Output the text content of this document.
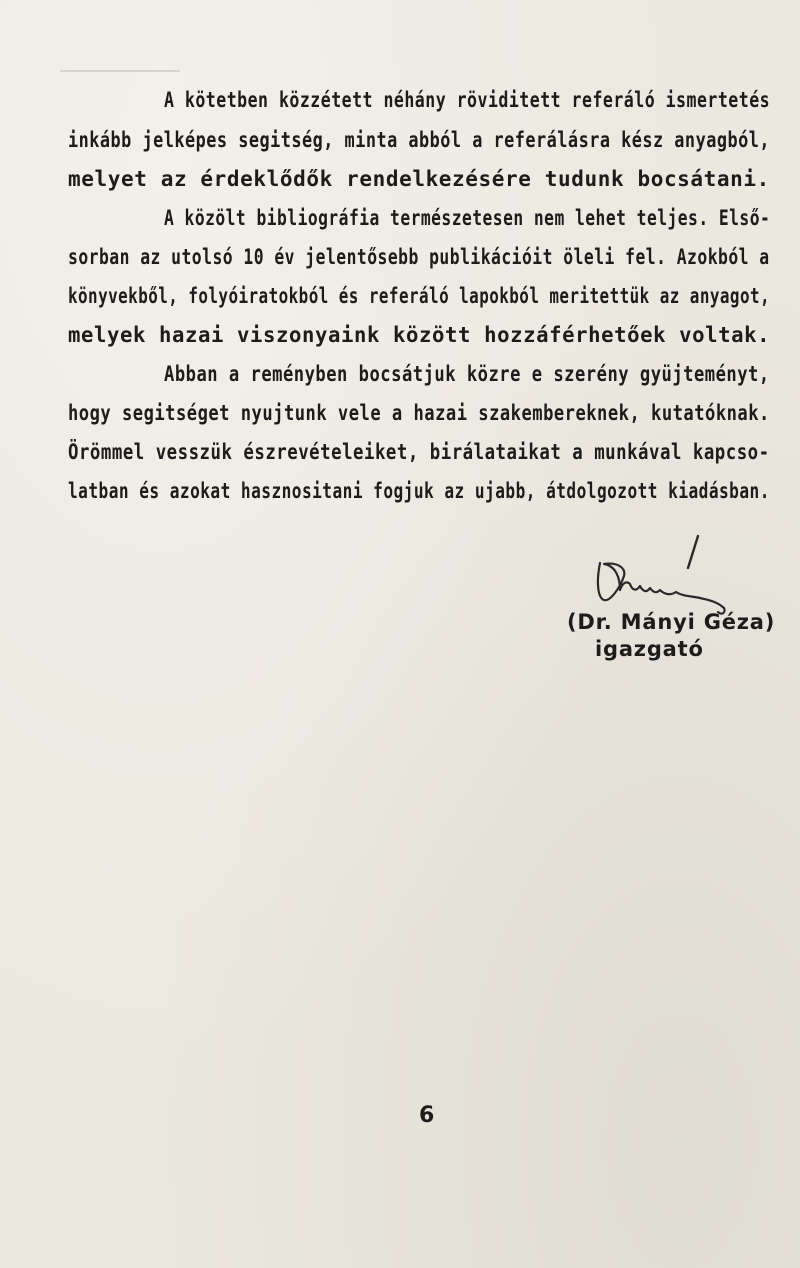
A kötetben közzétett néhány röviditett referáló ismertetés
inkább jelképes segitség, minta abból a referálásra kész anyagból,
melyet az érdeklődők rendelkezésére tudunk bocsátani.
A közölt bibliográfia természetesen nem lehet teljes. Első-
sorban az utolsó 10 év jelentősebb publikációit öleli fel. Azokból a
könyvekből, folyóiratokból és referáló lapokból meritettük az anyagot,
melyek hazai viszonyaink között hozzáférhetőek voltak.
Abban a reményben bocsátjuk közre e szerény gyüjteményt,
hogy segitséget nyujtunk vele a hazai szakembereknek, kutatóknak.
Örömmel vesszük észrevételeiket, birálataikat a munkával kapcso-
latban és azokat hasznositani fogjuk az ujabb, átdolgozott kiadásban.
(Dr. Mányi Géza)
igazgató
6
